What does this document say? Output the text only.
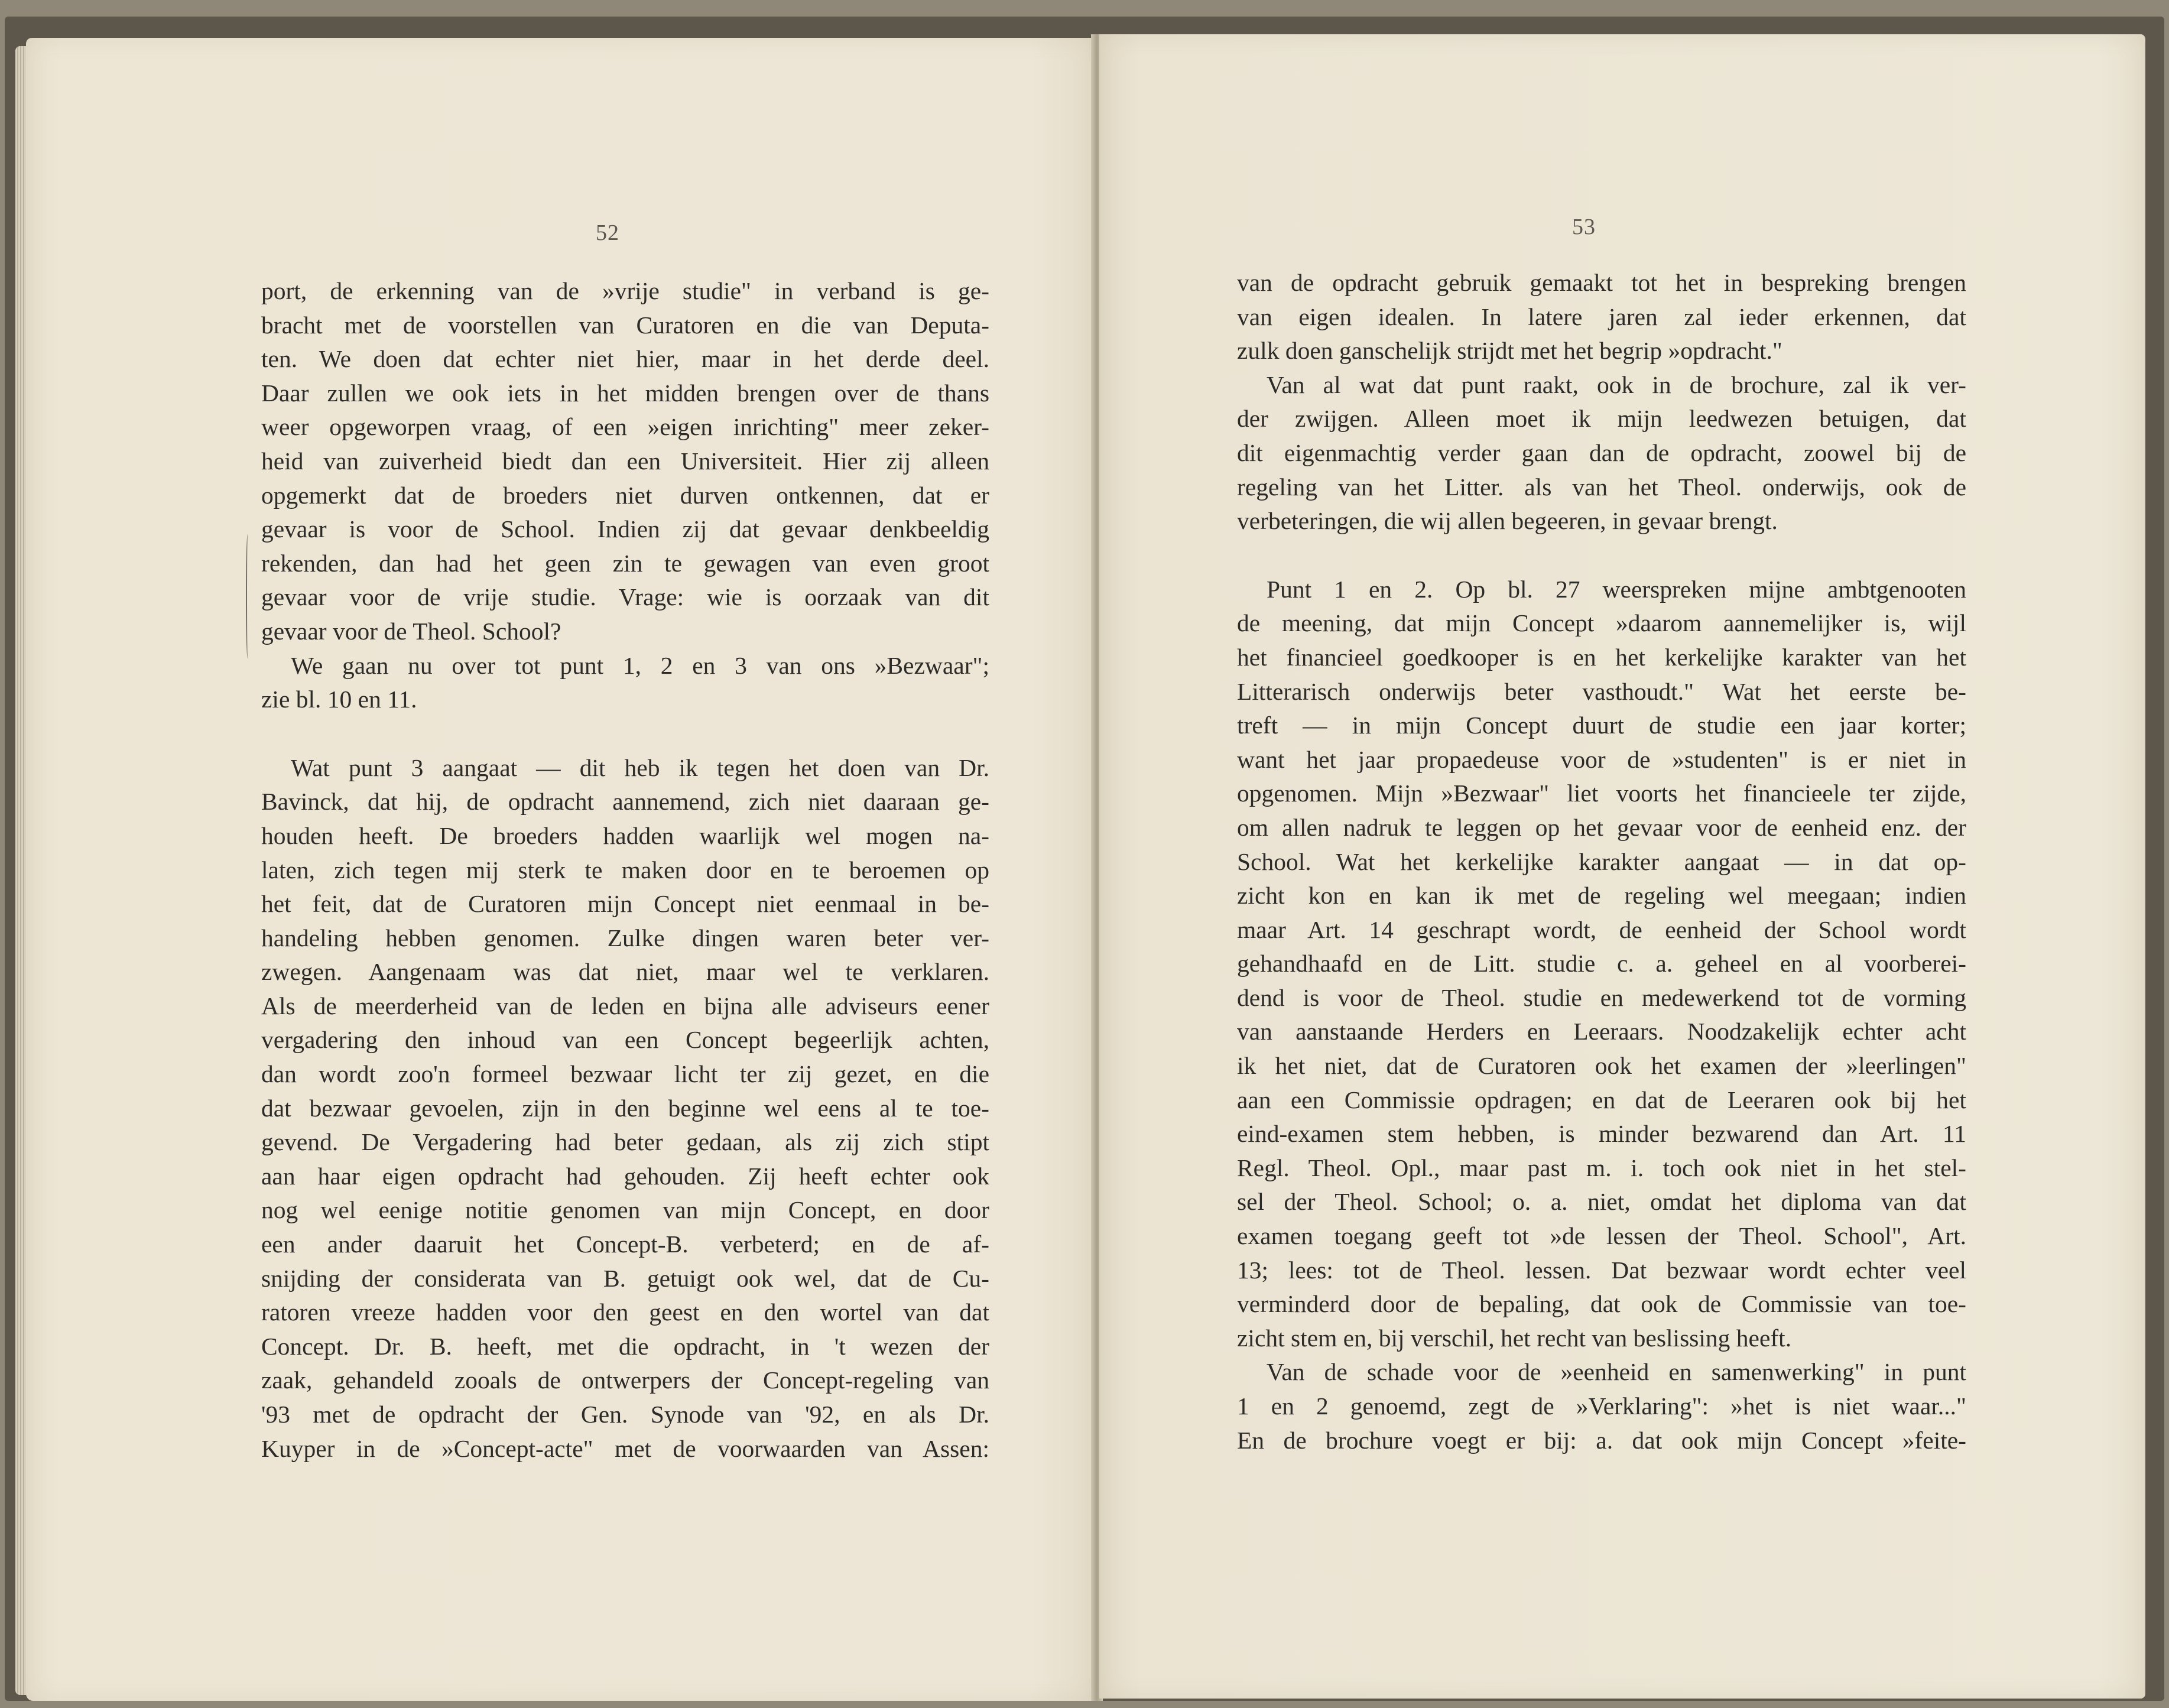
52
port, de erkenning van de »vrije studie" in verband is ge-
bracht met de voorstellen van Curatoren en die van Deputa-
ten. We doen dat echter niet hier, maar in het derde deel.
Daar zullen we ook iets in het midden brengen over de thans
weer opgeworpen vraag, of een »eigen inrichting" meer zeker-
heid van zuiverheid biedt dan een Universiteit. Hier zij alleen
opgemerkt dat de broeders niet durven ontkennen, dat er
gevaar is voor de School. Indien zij dat gevaar denkbeeldig
rekenden, dan had het geen zin te gewagen van even groot
gevaar voor de vrije studie. Vrage: wie is oorzaak van dit
gevaar voor de Theol. School?
We gaan nu over tot punt 1, 2 en 3 van ons »Bezwaar";
zie bl. 10 en 11.
Wat punt 3 aangaat — dit heb ik tegen het doen van Dr.
Bavinck, dat hij, de opdracht aannemend, zich niet daaraan ge-
houden heeft. De broeders hadden waarlijk wel mogen na-
laten, zich tegen mij sterk te maken door en te beroemen op
het feit, dat de Curatoren mijn Concept niet eenmaal in be-
handeling hebben genomen. Zulke dingen waren beter ver-
zwegen. Aangenaam was dat niet, maar wel te verklaren.
Als de meerderheid van de leden en bijna alle adviseurs eener
vergadering den inhoud van een Concept begeerlijk achten,
dan wordt zoo'n formeel bezwaar licht ter zij gezet, en die
dat bezwaar gevoelen, zijn in den beginne wel eens al te toe-
gevend. De Vergadering had beter gedaan, als zij zich stipt
aan haar eigen opdracht had gehouden. Zij heeft echter ook
nog wel eenige notitie genomen van mijn Concept, en door
een ander daaruit het Concept-B. verbeterd; en de af-
snijding der considerata van B. getuigt ook wel, dat de Cu-
ratoren vreeze hadden voor den geest en den wortel van dat
Concept. Dr. B. heeft, met die opdracht, in 't wezen der
zaak, gehandeld zooals de ontwerpers der Concept-regeling van
'93 met de opdracht der Gen. Synode van '92, en als Dr.
Kuyper in de »Concept-acte" met de voorwaarden van Assen:
53
van de opdracht gebruik gemaakt tot het in bespreking brengen
van eigen idealen. In latere jaren zal ieder erkennen, dat
zulk doen ganschelijk strijdt met het begrip »opdracht."
Van al wat dat punt raakt, ook in de brochure, zal ik ver-
der zwijgen. Alleen moet ik mijn leedwezen betuigen, dat
dit eigenmachtig verder gaan dan de opdracht, zoowel bij de
regeling van het Litter. als van het Theol. onderwijs, ook de
verbeteringen, die wij allen begeeren, in gevaar brengt.
Punt 1 en 2. Op bl. 27 weerspreken mijne ambtgenooten
de meening, dat mijn Concept »daarom aannemelijker is, wijl
het financieel goedkooper is en het kerkelijke karakter van het
Litterarisch onderwijs beter vasthoudt." Wat het eerste be-
treft — in mijn Concept duurt de studie een jaar korter;
want het jaar propaedeuse voor de »studenten" is er niet in
opgenomen. Mijn »Bezwaar" liet voorts het financieele ter zijde,
om allen nadruk te leggen op het gevaar voor de eenheid enz. der
School. Wat het kerkelijke karakter aangaat — in dat op-
zicht kon en kan ik met de regeling wel meegaan; indien
maar Art. 14 geschrapt wordt, de eenheid der School wordt
gehandhaafd en de Litt. studie c. a. geheel en al voorberei-
dend is voor de Theol. studie en medewerkend tot de vorming
van aanstaande Herders en Leeraars. Noodzakelijk echter acht
ik het niet, dat de Curatoren ook het examen der »leerlingen"
aan een Commissie opdragen; en dat de Leeraren ook bij het
eind-examen stem hebben, is minder bezwarend dan Art. 11
Regl. Theol. Opl., maar past m. i. toch ook niet in het stel-
sel der Theol. School; o. a. niet, omdat het diploma van dat
examen toegang geeft tot »de lessen der Theol. School", Art.
13; lees: tot de Theol. lessen. Dat bezwaar wordt echter veel
verminderd door de bepaling, dat ook de Commissie van toe-
zicht stem en, bij verschil, het recht van beslissing heeft.
Van de schade voor de »eenheid en samenwerking" in punt
1 en 2 genoemd, zegt de »Verklaring": »het is niet waar..."
En de brochure voegt er bij: a. dat ook mijn Concept »feite-
